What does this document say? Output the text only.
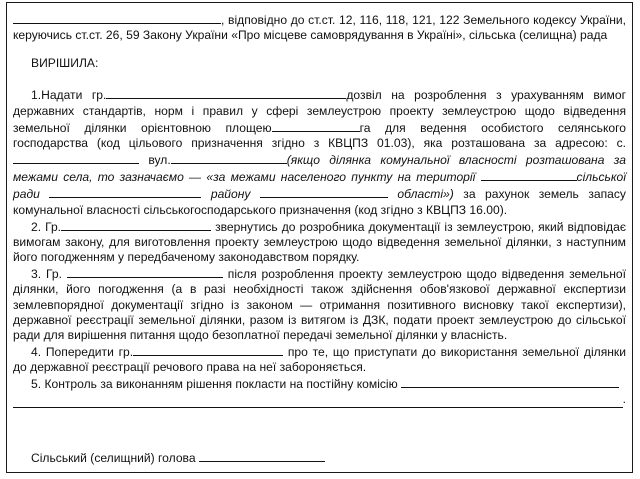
, відповідно до ст.ст. 12, 116, 118, 121, 122 Земельного кодексу України, керуючись ст.ст. 26, 59 Закону України «Про місцеве самоврядування в Україні», сільська (селищна) рада

ВИРІШИЛА:

1.Надати гр.	дозвіл на розроблення з урахуванням вимог державних стандартів, норм і правил у сфері землеустрою проекту землеустрою щодо відведення земельної ділянки орієнтовною площею	га для ведення особистого селянського господарства (код цільового призначення згідно з КВЦПЗ 01.03), яка розташована за адресою: с. вул.	(якщо ділянка комунальної власності розташована за межами села, то зазначаємо — «за межами населеного пункту на території	сільської ради	району	області») за рахунок земель запасу комунальної власності сільськогосподарського призначення (код згідно з КВЦПЗ 16.00).

2. Гр.	звернутись до розробника документації із землеустрою, який відповідає вимогам закону, для виготовлення проекту землеустрою щодо відведення земельної ділянки, з наступним його погодженням у передбаченому законодавством порядку.

3. Гр.	після розроблення проекту землеустрою щодо відведення земельної ділянки, його погодження (а в разі необхідності також здійснення обов'язкової державної експертизи землевпорядної документації згідно із законом — отримання позитивного висновку такої експертизи), державної реєстрації земельної ділянки, разом із витягом із ДЗК, подати проект землеустрою до сільської ради для вирішення питання щодо безоплатної передачі земельної ділянки у власність.

4. Попередити гр.	про те, що приступати до використання земельної ділянки до державної реєстрації речового права на неї забороняється.

5. Контроль за виконанням рішення покласти на постійну комісію

.

Сільський (селищний) голова
